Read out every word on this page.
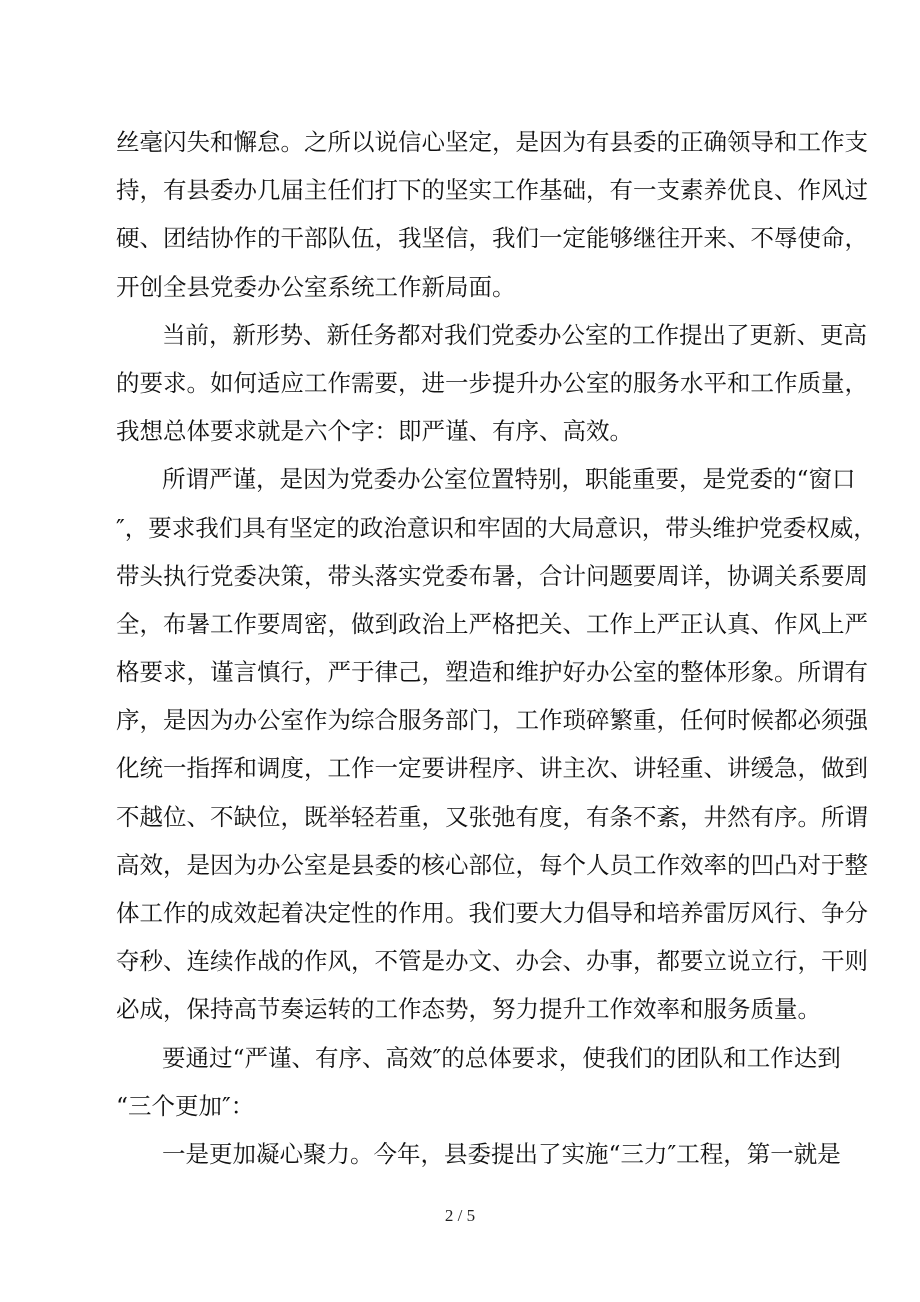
丝毫闪失和懈怠。之所以说信心坚定，是因为有县委的正确领导和工作支
持，有县委办几届主任们打下的坚实工作基础，有一支素养优良、作风过
硬、团结协作的干部队伍，我坚信，我们一定能够继往开来、不辱使命，
开创全县党委办公室系统工作新局面。
当前，新形势、新任务都对我们党委办公室的工作提出了更新、更高
的要求。如何适应工作需要，进一步提升办公室的服务水平和工作质量，
我想总体要求就是六个字：即严谨、有序、高效。
所谓严谨，是因为党委办公室位置特别，职能重要，是党委的“窗口
″，要求我们具有坚定的政治意识和牢固的大局意识，带头维护党委权威，
带头执行党委决策，带头落实党委布暑，合计问题要周详，协调关系要周
全，布暑工作要周密，做到政治上严格把关、工作上严正认真、作风上严
格要求，谨言慎行，严于律己，塑造和维护好办公室的整体形象。所谓有
序，是因为办公室作为综合服务部门，工作琐碎繁重，任何时候都必须强
化统一指挥和调度，工作一定要讲程序、讲主次、讲轻重、讲缓急，做到
不越位、不缺位，既举轻若重，又张弛有度，有条不紊，井然有序。所谓
高效，是因为办公室是县委的核心部位，每个人员工作效率的凹凸对于整
体工作的成效起着决定性的作用。我们要大力倡导和培养雷厉风行、争分
夺秒、连续作战的作风，不管是办文、办会、办事，都要立说立行，干则
必成，保持高节奏运转的工作态势，努力提升工作效率和服务质量。
要通过“严谨、有序、高效″的总体要求，使我们的团队和工作达到
“三个更加″：
一是更加凝心聚力。今年，县委提出了实施“三力″工程，第一就是
2 / 5
